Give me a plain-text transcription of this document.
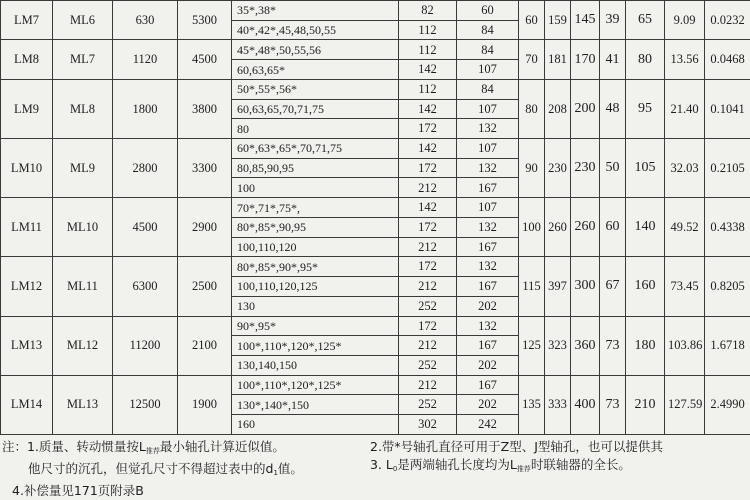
LM7	ML6	630	5300	35*,38*	82	60	60	159	145	39	65	9.09	0.0232
				40*,42*,45,48,50,55	112	84							
LM8	ML7	1120	4500	45*,48*,50,55,56	112	84	70	181	170	41	80	13.56	0.0468
				60,63,65*	142	107							
LM9	ML8	1800	3800	50*,55*,56*	112	84	80	208	200	48	95	21.40	0.1041
				60,63,65,70,71,75	142	107							
				80	172	132							
LM10	ML9	2800	3300	60*,63*,65*,70,71,75	142	107	90	230	230	50	105	32.03	0.2105
				80,85,90,95	172	132							
				100	212	167							
LM11	ML10	4500	2900	70*,71*,75*,	142	107	100	260	260	60	140	49.52	0.4338
				80*,85*,90,95	172	132							
				100,110,120	212	167							
LM12	ML11	6300	2500	80*,85*,90*,95*	172	132	115	397	300	67	160	73.45	0.8205
				100,110,120,125	212	167							
				130	252	202							
LM13	ML12	11200	2100	90*,95*	172	132	125	323	360	73	180	103.86	1.6718
				100*,110*,120*,125*	212	167							
				130,140,150	252	202							
LM14	ML13	12500	1900	100*,110*,120*,125*	212	167	135	333	400	73	210	127.59	2.4990
				130*,140*,150	252	202							
				160	302	242							
注：1.质量、转动惯量按$L_{推荐}$最小轴孔计算近似值。
他尺寸的沉孔，但觉孔尺寸不得超过表中的$d_1$值。
4.补偿量见171页附录B
2.带*号轴孔直径可用于Z型、J型轴孔，也可以提供其
3. $L_0$是两端轴孔长度均为$L_{推荐}$时联轴器的全长。
